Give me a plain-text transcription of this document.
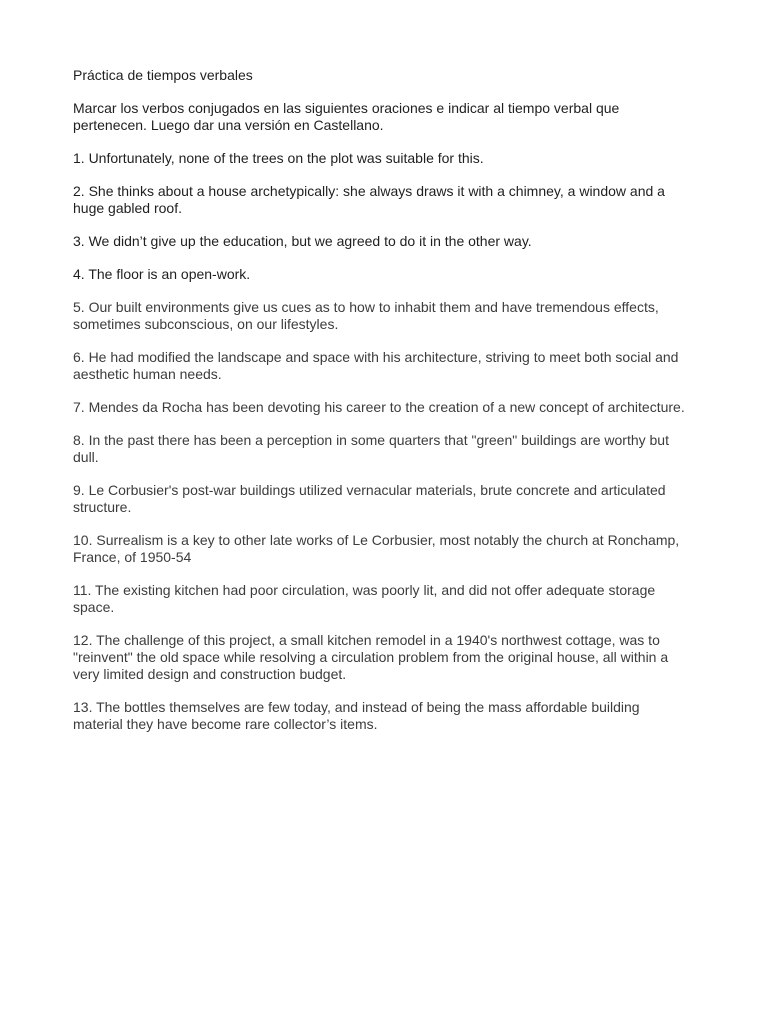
Práctica de tiempos verbales

Marcar los verbos conjugados en las siguientes oraciones e indicar al tiempo verbal que pertenecen. Luego dar una versión en Castellano.

1. Unfortunately, none of the trees on the plot was suitable for this.

2. She thinks about a house archetypically: she always draws it with a chimney, a window and a huge gabled roof.

3. We didn’t give up the education, but we agreed to do it in the other way.

4. The floor is an open-work.

5. Our built environments give us cues as to how to inhabit them and have tremendous effects, sometimes subconscious, on our lifestyles.

6. He had modified the landscape and space with his architecture, striving to meet both social and aesthetic human needs.

7. Mendes da Rocha has been devoting his career to the creation of a new concept of architecture.

8. In the past there has been a perception in some quarters that "green" buildings are worthy but dull.

9. Le Corbusier's post-war buildings utilized vernacular materials, brute concrete and articulated structure.

10. Surrealism is a key to other late works of Le Corbusier, most notably the church at Ronchamp, France, of 1950-54

11. The existing kitchen had poor circulation, was poorly lit, and did not offer adequate storage space.

12. The challenge of this project, a small kitchen remodel in a 1940's northwest cottage, was to "reinvent" the old space while resolving a circulation problem from the original house, all within a very limited design and construction budget.

13. The bottles themselves are few today, and instead of being the mass affordable building material they have become rare collector’s items.
